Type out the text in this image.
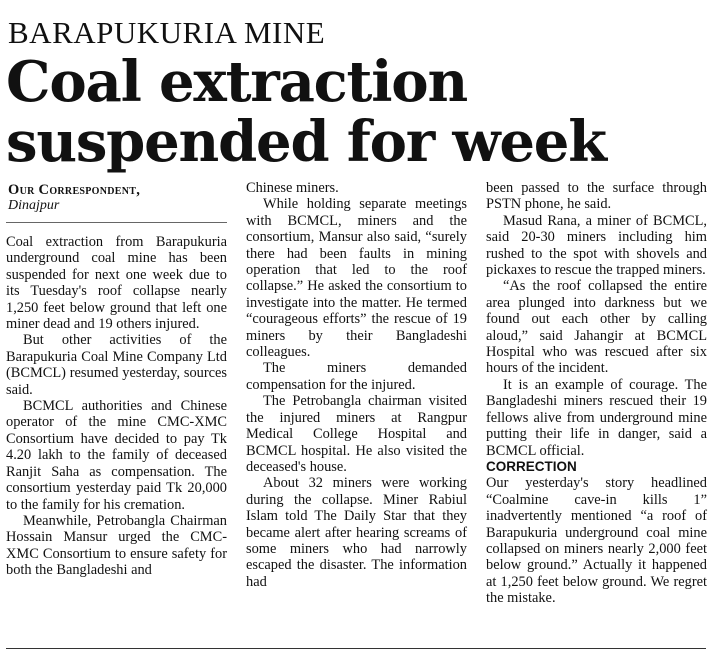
BARAPUKURIA MINE
Coal extraction suspended for week
Our Correspondent,
Dinajpur

Coal extraction from Barapukuria underground coal mine has been suspended for next one week due to its Tuesday's roof collapse nearly 1,250 feet below ground that left one miner dead and 19 others injured.

But other activities of the Barapukuria Coal Mine Company Ltd (BCMCL) resumed yesterday, sources said.

BCMCL authorities and Chinese operator of the mine CMC-XMC Consortium have decided to pay Tk 4.20 lakh to the family of deceased Ranjit Saha as compensation. The consortium yesterday paid Tk 20,000 to the family for his cremation.

Meanwhile, Petrobangla Chairman Hossain Mansur urged the CMC-XMC Consortium to ensure safety for both the Bangladeshi and

Chinese miners.

While holding separate meetings with BCMCL, miners and the consortium, Mansur also said, “surely there had been faults in mining operation that led to the roof collapse.” He asked the consortium to investigate into the matter. He termed “courageous efforts” the rescue of 19 miners by their Bangladeshi colleagues.

The miners demanded compensation for the injured.

The Petrobangla chairman visited the injured miners at Rangpur Medical College Hospital and BCMCL hospital. He also visited the deceased's house.

About 32 miners were working during the collapse. Miner Rabiul Islam told The Daily Star that they became alert after hearing screams of some miners who had narrowly escaped the disaster. The information had

been passed to the surface through PSTN phone, he said.

Masud Rana, a miner of BCMCL, said 20-30 miners including him rushed to the spot with shovels and pickaxes to rescue the trapped miners.

“As the roof collapsed the entire area plunged into darkness but we found out each other by calling aloud,” said Jahangir at BCMCL Hospital who was rescued after six hours of the incident.

It is an example of courage. The Bangladeshi miners rescued their 19 fellows alive from underground mine putting their life in danger, said a BCMCL official.

CORRECTION

Our yesterday's story headlined “Coalmine cave-in kills 1” inadvertently mentioned “a roof of Barapukuria underground coal mine collapsed on miners nearly 2,000 feet below ground.” Actually it happened at 1,250 feet below ground. We regret the mistake.
